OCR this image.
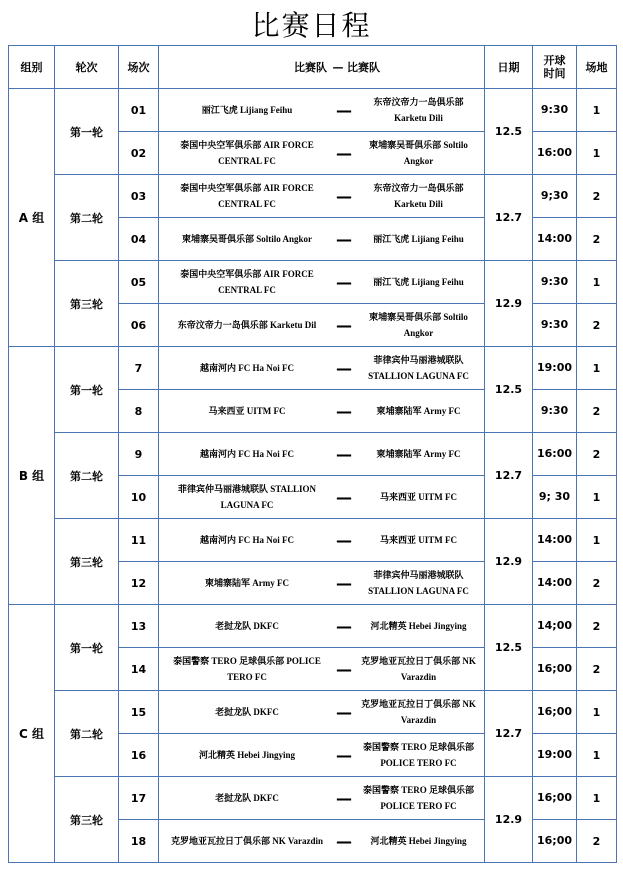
比赛日程
组别	轮次	场次	比赛队 — 比赛队	日期	开球时间	场地
A 组	第一轮	01	丽江飞虎 Lijiang Feihu — 东帝汶帝力一岛俱乐部 Karketu Dili	12.5	9:30	1
		02	泰国中央空军俱乐部 AIR FORCE CENTRAL FC — 柬埔寨吴哥俱乐部 Soltilo Angkor		16:00	1
	第二轮	03	泰国中央空军俱乐部 AIR FORCE CENTRAL FC — 东帝汶帝力一岛俱乐部 Karketu Dili	12.7	9;30	2
		04	柬埔寨吴哥俱乐部 Soltilo Angkor — 丽江飞虎 Lijiang Feihu		14:00	2
	第三轮	05	泰国中央空军俱乐部 AIR FORCE CENTRAL FC — 丽江飞虎 Lijiang Feihu	12.9	9:30	1
		06	东帝汶帝力一岛俱乐部 Karketu Dil — 柬埔寨吴哥俱乐部 Soltilo Angkor		9:30	2
B 组	第一轮	7	越南河内 FC Ha Noi FC — 菲律宾仲马丽港城联队 STALLION LAGUNA FC	12.5	19:00	1
		8	马来西亚 UITM FC — 柬埔寨陆军 Army FC		9:30	2
	第二轮	9	越南河内 FC Ha Noi FC — 柬埔寨陆军 Army FC	12.7	16:00	2
		10	菲律宾仲马丽港城联队 STALLION LAGUNA FC — 马来西亚 UITM FC		9; 30	1
	第三轮	11	越南河内 FC Ha Noi FC — 马来西亚 UITM FC	12.9	14:00	1
		12	柬埔寨陆军 Army FC — 菲律宾仲马丽港城联队 STALLION LAGUNA FC		14:00	2
C 组	第一轮	13	老挝龙队 DKFC — 河北精英 Hebei Jingying	12.5	14;00	2
		14	泰国警察 TERO 足球俱乐部 POLICE TERO FC — 克罗地亚瓦拉日丁俱乐部 NK Varazdin		16;00	2
	第二轮	15	老挝龙队 DKFC — 克罗地亚瓦拉日丁俱乐部 NK Varazdin	12.7	16;00	1
		16	河北精英 Hebei Jingying — 泰国警察 TERO 足球俱乐部 POLICE TERO FC		19:00	1
	第三轮	17	老挝龙队 DKFC — 泰国警察 TERO 足球俱乐部 POLICE TERO FC	12.9	16;00	1
		18	克罗地亚瓦拉日丁俱乐部 NK Varazdin — 河北精英 Hebei Jingying		16;00	2
